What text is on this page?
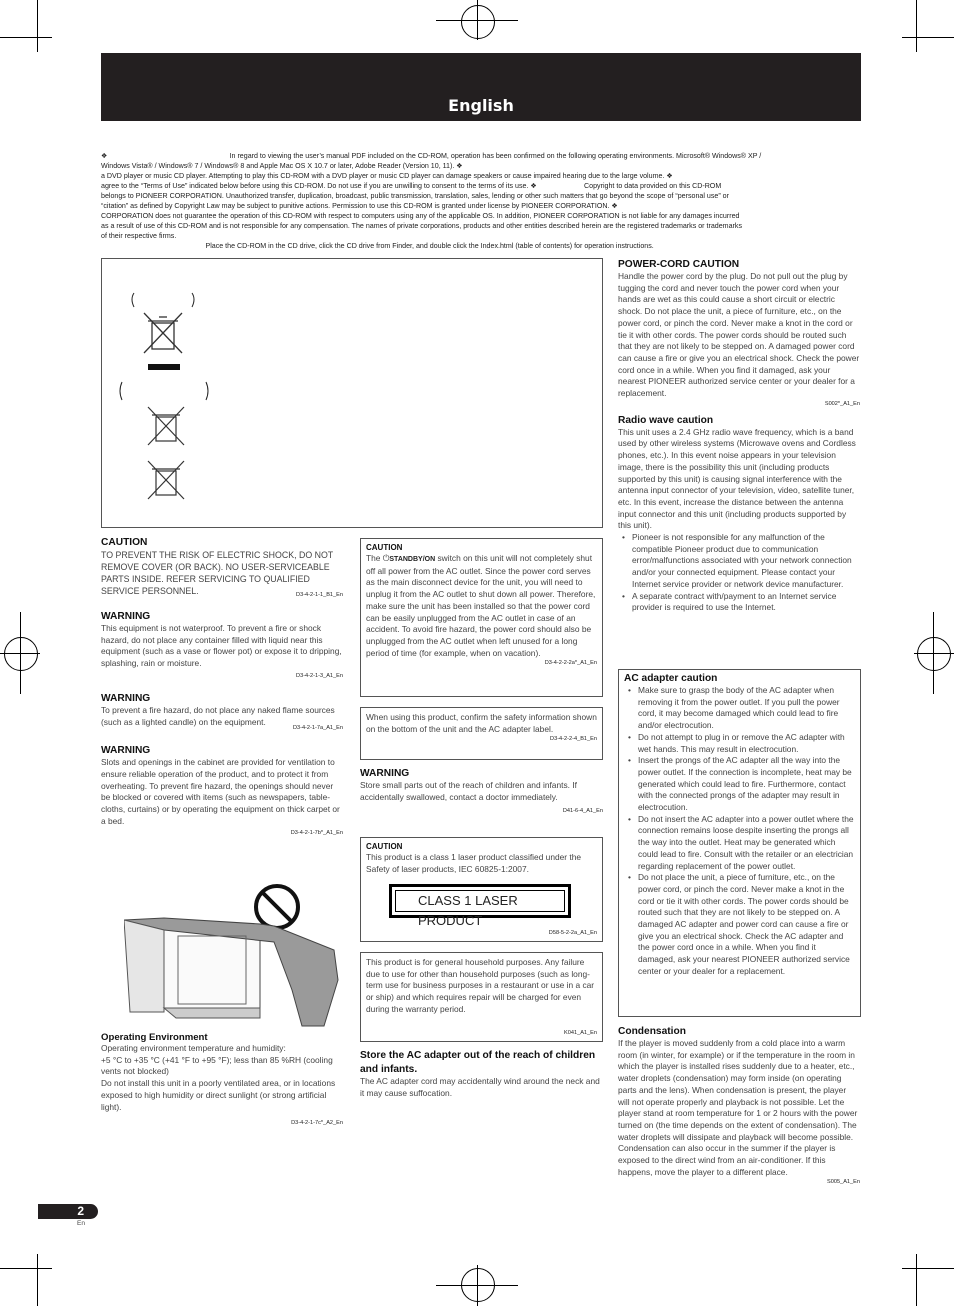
English

❖                                                              In regard to viewing the user’s manual PDF included on the CD-ROM, operation has been confirmed on the following operating environments. Microsoft® Windows® XP /

Windows Vista® / Windows® 7 / Windows® 8 and Apple Mac OS X 10.7 or later, Adobe Reader (Version 10, 11). ❖

a DVD player or music CD player. Attempting to play this CD-ROM with a DVD player or music CD player can damage speakers or cause impaired hearing due to the large volume. ❖

agree to the “Terms of Use” indicated below before using this CD-ROM. Do not use if you are unwilling to consent to the terms of its use. ❖                        Copyright to data provided on this CD-ROM

belongs to PIONEER CORPORATION. Unauthorized transfer, duplication, broadcast, public transmission, translation, sales, lending or other such matters that go beyond the scope of “personal use” or

“citation” as defined by Copyright Law may be subject to punitive actions. Permission to use this CD-ROM is granted under license by PIONEER CORPORATION. ❖

CORPORATION does not guarantee the operation of this CD-ROM with respect to computers using any of the applicable OS. In addition, PIONEER CORPORATION is not liable for any damages incurred

as a result of use of this CD-ROM and is not responsible for any compensation. The names of private corporations, products and other entities described herein are the registered trademarks or trademarks

of their respective firms.

Place the CD-ROM in the CD drive, click the CD drive from Finder, and double click the Index.html (table of contents) for operation instructions.

CAUTION

TO PREVENT THE RISK OF ELECTRIC SHOCK, DO NOT REMOVE COVER (OR BACK). NO USER-SERVICEABLE PARTS INSIDE. REFER SERVICING TO QUALIFIED SERVICE PERSONNEL.	D3-4-2-1-1_B1_En
WARNING

This equipment is not waterproof. To prevent a fire or shock hazard, do not place any container filled with liquid near this equipment (such as a vase or flower pot) or expose it to dripping, splashing, rain or moisture.

D3-4-2-1-3_A1_En
WARNING

To prevent a fire hazard, do not place any naked flame sources (such as a lighted candle) on the equipment.

D3-4-2-1-7a_A1_En
WARNING

Slots and openings in the cabinet are provided for ventilation to ensure reliable operation of the product, and to protect it from overheating. To prevent fire hazard, the openings should never be blocked or covered with items (such as newspapers, table-cloths, curtains) or by operating the equipment on thick carpet or a bed.

D3-4-2-1-7b*_A1_En
Operating Environment

Operating environment temperature and humidity:

+5 °C to +35 °C (+41 °F to +95 °F); less than 85 %RH (cooling vents not blocked)

Do not install this unit in a poorly ventilated area, or in locations exposed to high humidity or direct sunlight (or strong artificial light).

D3-4-2-1-7c*_A2_En
CAUTION

The ⏻STANDBY/ON switch on this unit will not completely shut off all power from the AC outlet. Since the power cord serves as the main disconnect device for the unit, you will need to unplug it from the AC outlet to shut down all power. Therefore, make sure the unit has been installed so that the power cord can be easily unplugged from the AC outlet in case of an accident. To avoid fire hazard, the power cord should also be unplugged from the AC outlet when left unused for a long period of time (for example, when on vacation).

D3-4-2-2-2a*_A1_En

When using this product, confirm the safety information shown on the bottom of the unit and the AC adapter label.

D3-4-2-2-4_B1_En
WARNING

Store small parts out of the reach of children and infants. If accidentally swallowed, contact a doctor immediately.

D41-6-4_A1_En
CAUTION

This product is a class 1 laser product classified under the Safety of laser products, IEC 60825-1:2007.

CLASS 1 LASER PRODUCT
D58-5-2-2a_A1_En

This product is for general household purposes. Any failure due to use for other than household purposes (such as long-term use for business purposes in a restaurant or use in a car or ship) and which requires repair will be charged for even during the warranty period.

K041_A1_En
Store the AC adapter out of the reach of children and infants.

The AC adapter cord may accidentally wind around the neck and it may cause suffocation.

POWER-CORD CAUTION

Handle the power cord by the plug. Do not pull out the plug by tugging the cord and never touch the power cord when your hands are wet as this could cause a short circuit or electric shock. Do not place the unit, a piece of furniture, etc., on the power cord, or pinch the cord. Never make a knot in the cord or tie it with other cords. The power cords should be routed such that they are not likely to be stepped on. A damaged power cord can cause a fire or give you an electrical shock. Check the power cord once in a while. When you find it damaged, ask your nearest PIONEER authorized service center or your dealer for a replacement.

S002*_A1_En
Radio wave caution

This unit uses a 2.4 GHz radio wave frequency, which is a band used by other wireless systems (Microwave ovens and Cordless phones, etc.). In this event noise appears in your television image, there is the possibility this unit (including products supported by this unit) is causing signal interference with the antenna input connector of your television, video, satellite tuner, etc. In this event, increase the distance between the antenna input connector and this unit (including products supported by this unit).

• Pioneer is not responsible for any malfunction of the compatible Pioneer product due to communication error/malfunctions associated with your network connection and/or your connected equipment. Please contact your Internet service provider or network device manufacturer.
• A separate contract with/payment to an Internet service provider is required to use the Internet.
AC adapter caution
• Make sure to grasp the body of the AC adapter when removing it from the power outlet. If you pull the power cord, it may become damaged which could lead to fire and/or electrocution.
• Do not attempt to plug in or remove the AC adapter with wet hands. This may result in electrocution.
• Insert the prongs of the AC adapter all the way into the power outlet. If the connection is incomplete, heat may be generated which could lead to fire. Furthermore, contact with the connected prongs of the adapter may result in electrocution.
• Do not insert the AC adapter into a power outlet where the connection remains loose despite inserting the prongs all the way into the outlet. Heat may be generated which could lead to fire. Consult with the retailer or an electrician regarding replacement of the power outlet.
• Do not place the unit, a piece of furniture, etc., on the power cord, or pinch the cord. Never make a knot in the cord or tie it with other cords. The power cords should be routed such that they are not likely to be stepped on. A damaged AC adapter and power cord can cause a fire or give you an electrical shock. Check the AC adapter and the power cord once in a while. When you find it damaged, ask your nearest PIONEER authorized service center or your dealer for a replacement.
Condensation

If the player is moved suddenly from a cold place into a warm room (in winter, for example) or if the temperature in the room in which the player is installed rises suddenly due to a heater, etc., water droplets (condensation) may form inside (on operating parts and the lens). When condensation is present, the player will not operate properly and playback is not possible. Let the player stand at room temperature for 1 or 2 hours with the power turned on (the time depends on the extent of condensation). The water droplets will dissipate and playback will become possible. Condensation can also occur in the summer if the player is exposed to the direct wind from an air-conditioner. If this happens, move the player to a different place.

S005_A1_En
2
En
